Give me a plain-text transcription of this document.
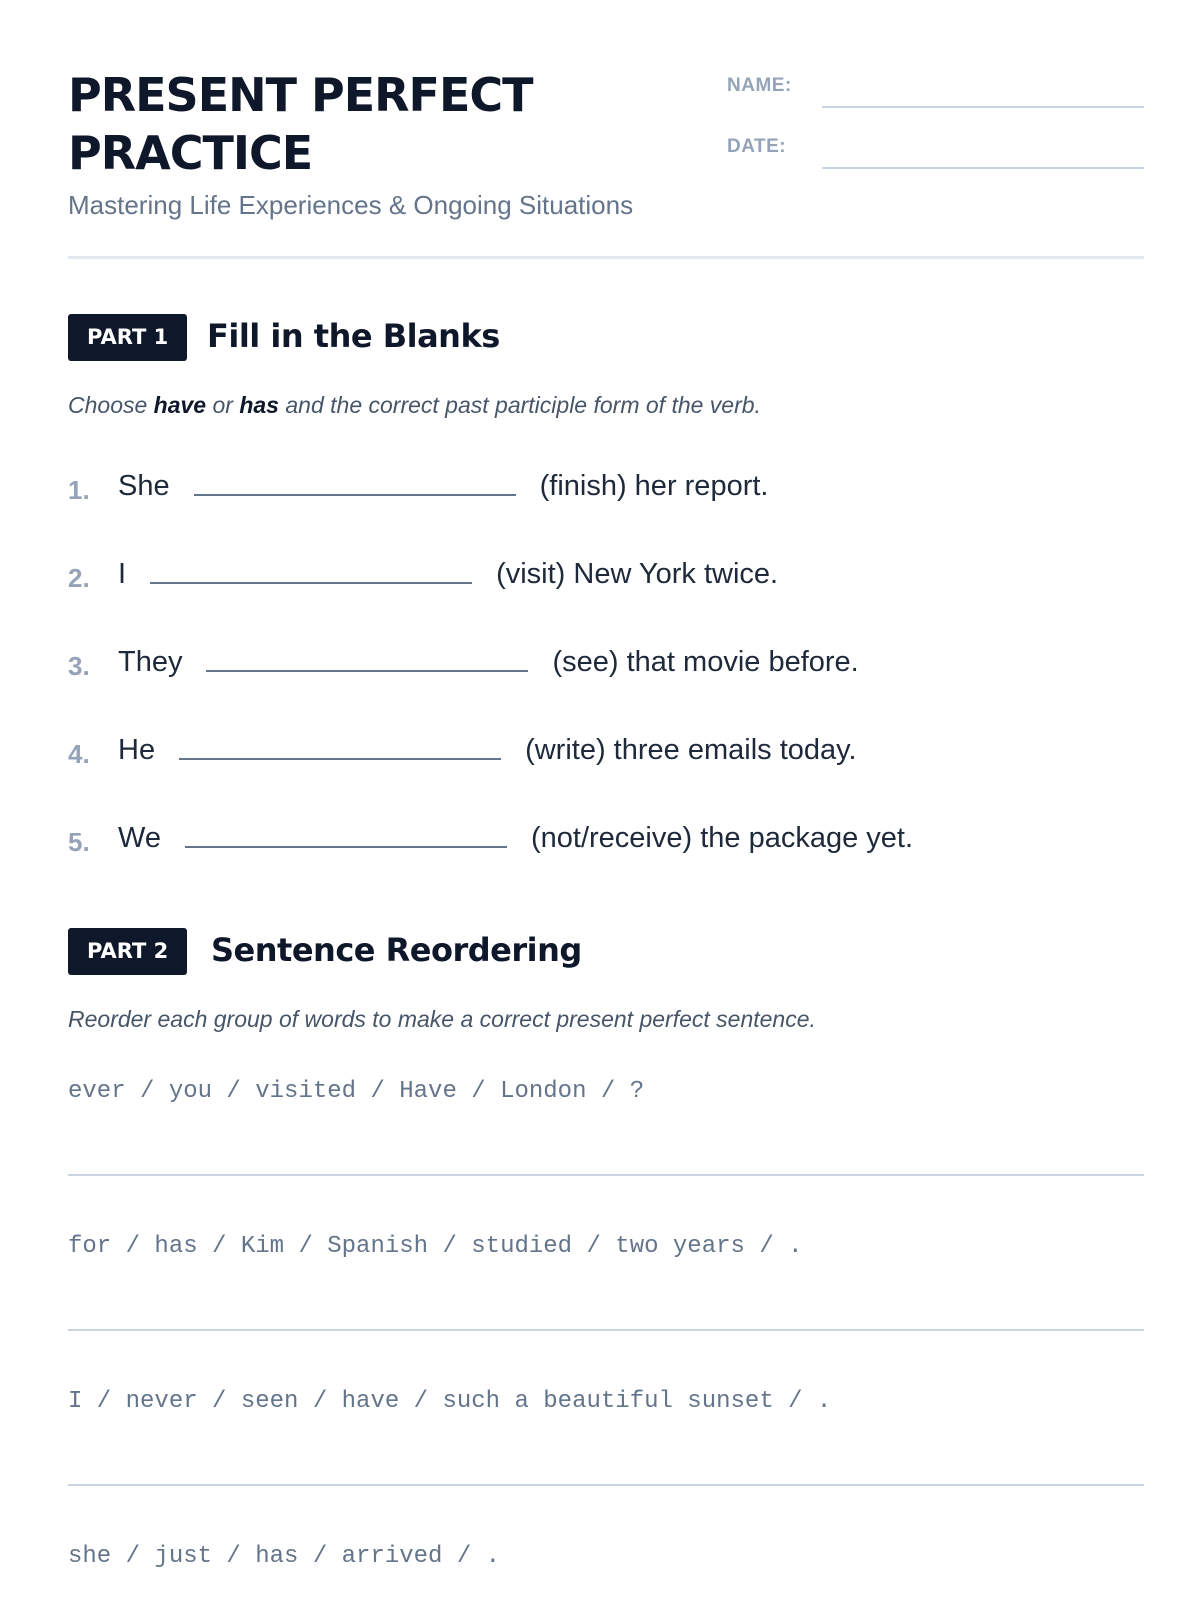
PRESENT PERFECT
PRACTICE
Mastering Life Experiences & Ongoing Situations
NAME:
DATE:
PART 1	Fill in the Blanks
Choose have or has and the correct past participle form of the verb.
1. She	(finish) her report.
2. I	(visit) New York twice.
3. They	(see) that movie before.
4. He	(write) three emails today.
5. We	(not/receive) the package yet.
PART 2	Sentence Reordering
Reorder each group of words to make a correct present perfect sentence.
ever / you / visited / Have / London / ?
for / has / Kim / Spanish / studied / two years / .
I / never / seen / have / such a beautiful sunset / .
she / just / has / arrived / .
